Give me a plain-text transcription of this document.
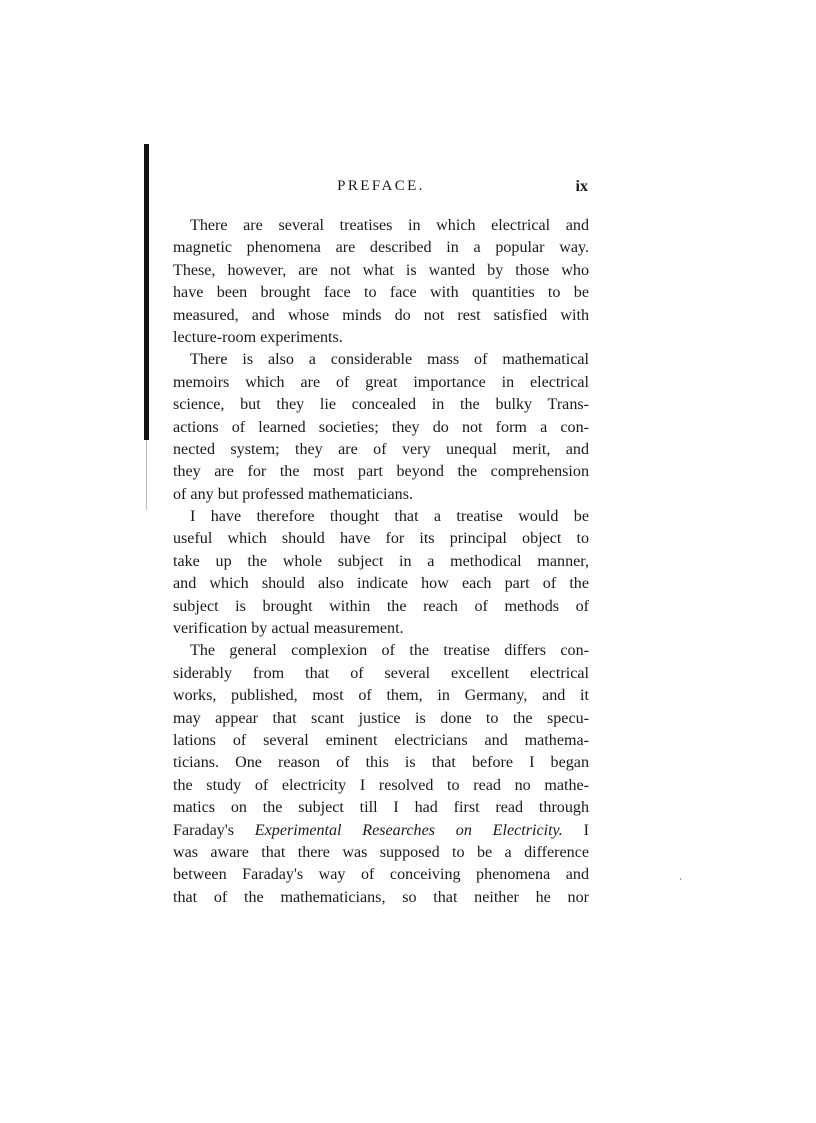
PREFACE.	ix

There are several treatises in which electrical and
magnetic phenomena are described in a popular way.
These, however, are not what is wanted by those who
have been brought face to face with quantities to be
measured, and whose minds do not rest satisfied with
lecture-room experiments.

There is also a considerable mass of mathematical
memoirs which are of great importance in electrical
science, but they lie concealed in the bulky Trans-
actions of learned societies; they do not form a con-
nected system; they are of very unequal merit, and
they are for the most part beyond the comprehension
of any but professed mathematicians.

I have therefore thought that a treatise would be
useful which should have for its principal object to
take up the whole subject in a methodical manner,
and which should also indicate how each part of the
subject is brought within the reach of methods of
verification by actual measurement.

The general complexion of the treatise differs con-
siderably from that of several excellent electrical
works, published, most of them, in Germany, and it
may appear that scant justice is done to the specu-
lations of several eminent electricians and mathema-
ticians. One reason of this is that before I began
the study of electricity I resolved to read no mathe-
matics on the subject till I had first read through
Faraday's Experimental Researches on Electricity. I
was aware that there was supposed to be a difference
between Faraday's way of conceiving phenomena and
that of the mathematicians, so that neither he nor
